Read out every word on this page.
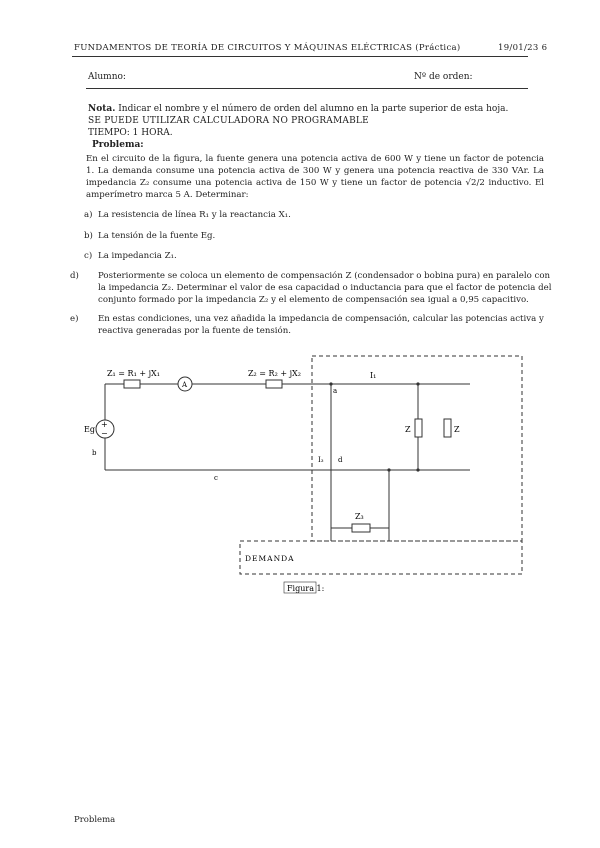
FUNDAMENTOS DE TEORÍA DE CIRCUITOS Y MÁQUINAS ELÉCTRICAS (Práctica)	19/01/23 6
Alumno:	Nº de orden:
Nota. Indicar el nombre y el número de orden del alumno en la parte superior de esta hoja.
SE PUEDE UTILIZAR CALCULADORA NO PROGRAMABLE
TIEMPO: 1 HORA.
Problema:
En el circuito de la figura, la fuente genera una potencia activa de 600 W y tiene un factor de potencia 1. La demanda consume una potencia activa de 300 W y genera una potencia reactiva de 330 VAr. La impedancia Z₂ consume una potencia activa de 150 W y tiene un factor de potencia √2/2 inductivo. El amperímetro marca 5 A. Determinar:
a) La resistencia de línea R₁ y la reactancia X₁.
b) La tensión de la fuente Eg.
c) La impedancia Z₁.
d) Posteriormente se coloca un elemento de compensación Z (condensador o bobina pura) en paralelo con la impedancia Z₂. Determinar el valor de esa capacidad o inductancia para que el factor de potencia del conjunto formado por la impedancia Z₂ y el elemento de compensación sea igual a 0,95 capacitivo.
e) En estas condiciones, una vez añadida la impedancia de compensación, calcular las potencias activa y reactiva generadas por la fuente de tensión.
+
−
Z₁ = R₁ + jX₁	Z₂ = R₂ + jX₂
A
Eg
a
b
c
d
I₁
I₃
Z	Z
Z₃
DEMANDA
Figura 1:
Problema
